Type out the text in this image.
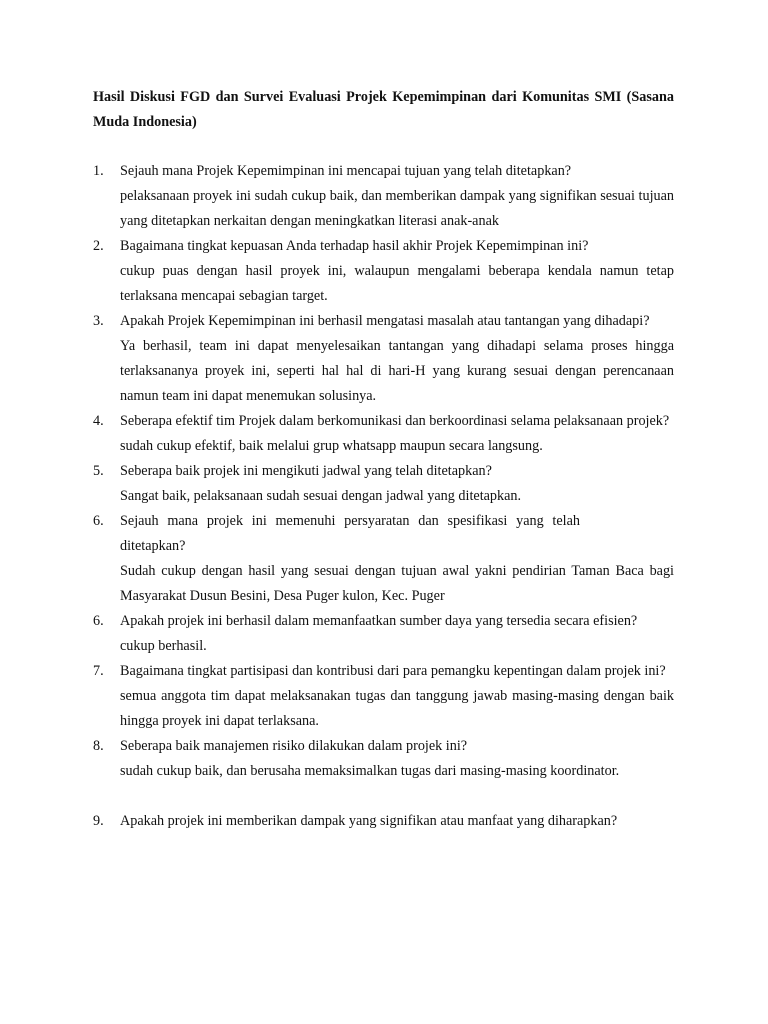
Hasil Diskusi FGD dan Survei Evaluasi Projek Kepemimpinan dari Komunitas SMI (Sasana Muda Indonesia)
1. Sejauh mana Projek Kepemimpinan ini mencapai tujuan yang telah ditetapkan?
pelaksanaan proyek ini sudah cukup baik, dan memberikan dampak yang signifikan sesuai tujuan yang ditetapkan nerkaitan dengan meningkatkan literasi anak-anak
2. Bagaimana tingkat kepuasan Anda terhadap hasil akhir Projek Kepemimpinan ini?
cukup puas dengan hasil proyek ini, walaupun mengalami beberapa kendala namun tetap terlaksana mencapai sebagian target.
3. Apakah Projek Kepemimpinan ini berhasil mengatasi masalah atau tantangan yang dihadapi?
Ya berhasil, team ini dapat menyelesaikan tantangan yang dihadapi selama proses hingga terlaksananya proyek ini, seperti hal hal di hari-H yang kurang sesuai dengan perencanaan namun team ini dapat menemukan solusinya.
4. Seberapa efektif tim Projek dalam berkomunikasi dan berkoordinasi selama pelaksanaan projek?
sudah cukup efektif, baik melalui grup whatsapp maupun secara langsung.
5. Seberapa baik projek ini mengikuti jadwal yang telah ditetapkan?
Sangat baik, pelaksanaan sudah sesuai dengan jadwal yang ditetapkan.
6. Sejauh mana projek ini memenuhi persyaratan dan spesifikasi yang telah ditetapkan?
Sudah cukup dengan hasil yang sesuai dengan tujuan awal yakni pendirian Taman Baca bagi Masyarakat Dusun Besini, Desa Puger kulon, Kec. Puger
6. Apakah projek ini berhasil dalam memanfaatkan sumber daya yang tersedia secara efisien?
cukup berhasil.
7. Bagaimana tingkat partisipasi dan kontribusi dari para pemangku kepentingan dalam projek ini?
semua anggota tim dapat melaksanakan tugas dan tanggung jawab masing-masing dengan baik hingga proyek ini dapat terlaksana.
8. Seberapa baik manajemen risiko dilakukan dalam projek ini?
sudah cukup baik, dan berusaha memaksimalkan tugas dari masing-masing koordinator.
9. Apakah projek ini memberikan dampak yang signifikan atau manfaat yang diharapkan?
